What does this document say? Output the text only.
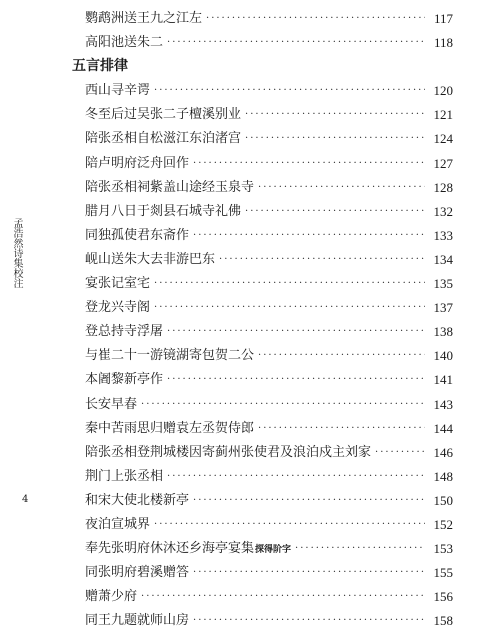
孟浩然诗集校注
4
鹦鹉洲送王九之江左 ·····	117
高阳池送朱二 ·····	118
五言排律
西山寻辛谔 ·····	120
冬至后过吴张二子檀溪别业 ·····	121
陪张丞相自松滋江东泊渚宫 ·····	124
陪卢明府泛舟回作 ·····	127
陪张丞相祠紫盖山途经玉泉寺 ·····	128
腊月八日于剡县石城寺礼佛 ·····	132
同独孤使君东斋作 ·····	133
岘山送朱大去非游巴东 ·····	134
宴张记室宅 ·····	135
登龙兴寺阁 ·····	137
登总持寺浮屠 ·····	138
与崔二十一游镜湖寄包贺二公 ·····	140
本阇黎新亭作 ·····	141
长安早春 ·····	143
秦中苦雨思归赠袁左丞贺侍郎 ·····	144
陪张丞相登荆城楼因寄蓟州张使君及浪泊戍主刘家 ·····	146
荆门上张丞相 ·····	148
和宋大使北楼新亭 ·····	150
夜泊宣城界 ·····	152
奉先张明府休沐还乡海亭宴集探得阶字 ·····	153
同张明府碧溪赠答 ·····	155
赠萧少府 ·····	156
同王九题就师山房 ·····	158
